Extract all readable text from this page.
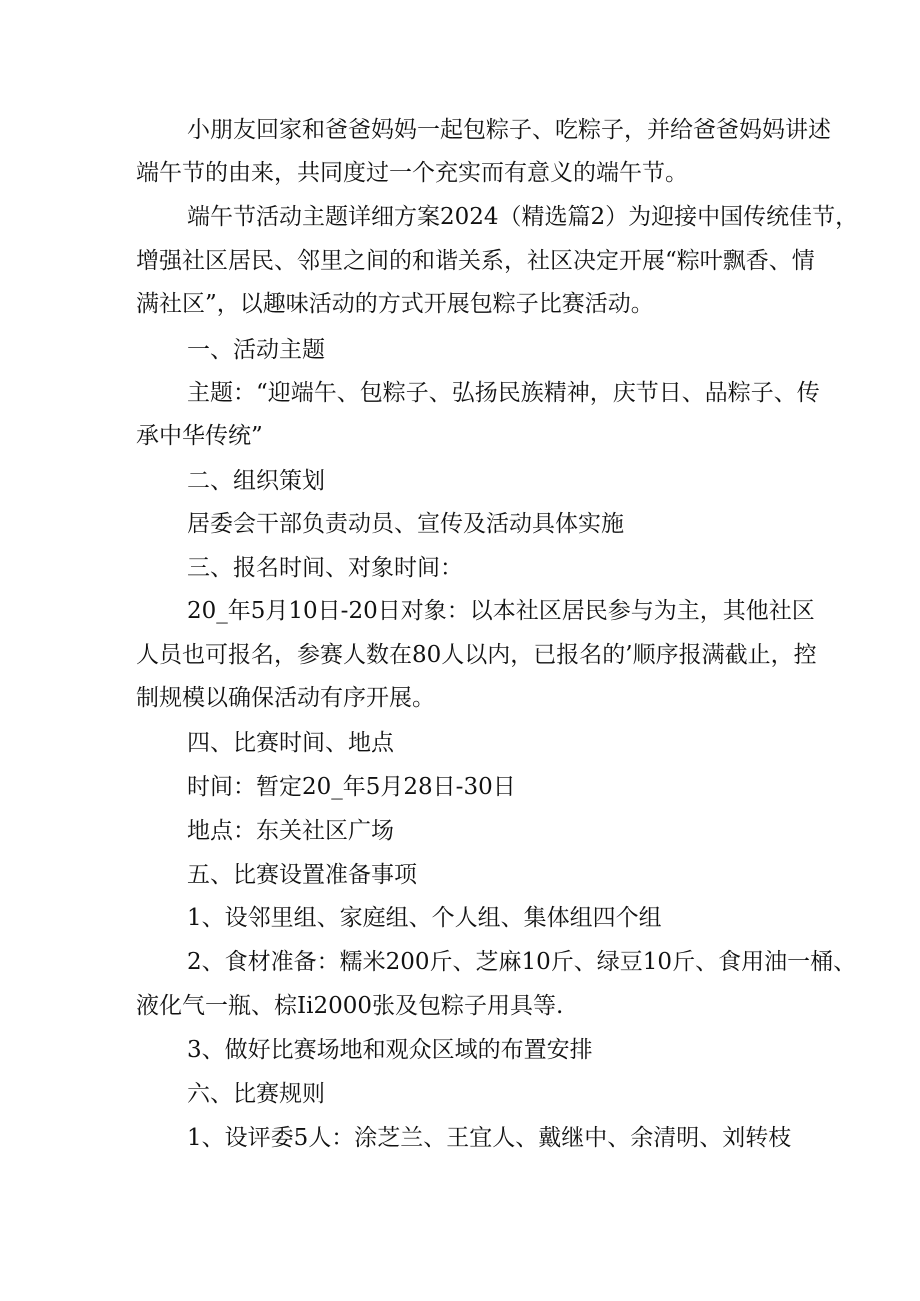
小朋友回家和爸爸妈妈一起包粽子、吃粽子，并给爸爸妈妈讲述
端午节的由来，共同度过一个充实而有意义的端午节。
端午节活动主题详细方案2024（精选篇2）为迎接中国传统佳节，
增强社区居民、邻里之间的和谐关系，社区决定开展“粽叶飘香、情
满社区”，以趣味活动的方式开展包粽子比赛活动。
一、活动主题
主题：“迎端午、包粽子、弘扬民族精神，庆节日、品粽子、传
承中华传统”
二、组织策划
居委会干部负责动员、宣传及活动具体实施
三、报名时间、对象时间：
20_年5月10日-20日对象：以本社区居民参与为主，其他社区
人员也可报名，参赛人数在80人以内，已报名的’顺序报满截止，控
制规模以确保活动有序开展。
四、比赛时间、地点
时间：暂定20_年5月28日-30日
地点：东关社区广场
五、比赛设置准备事项
1、设邻里组、家庭组、个人组、集体组四个组
2、食材准备：糯米200斤、芝麻10斤、绿豆10斤、食用油一桶、
液化气一瓶、棕Ii2000张及包粽子用具等.
3、做好比赛场地和观众区域的布置安排
六、比赛规则
1、设评委5人：涂芝兰、王宜人、戴继中、余清明、刘转枝
